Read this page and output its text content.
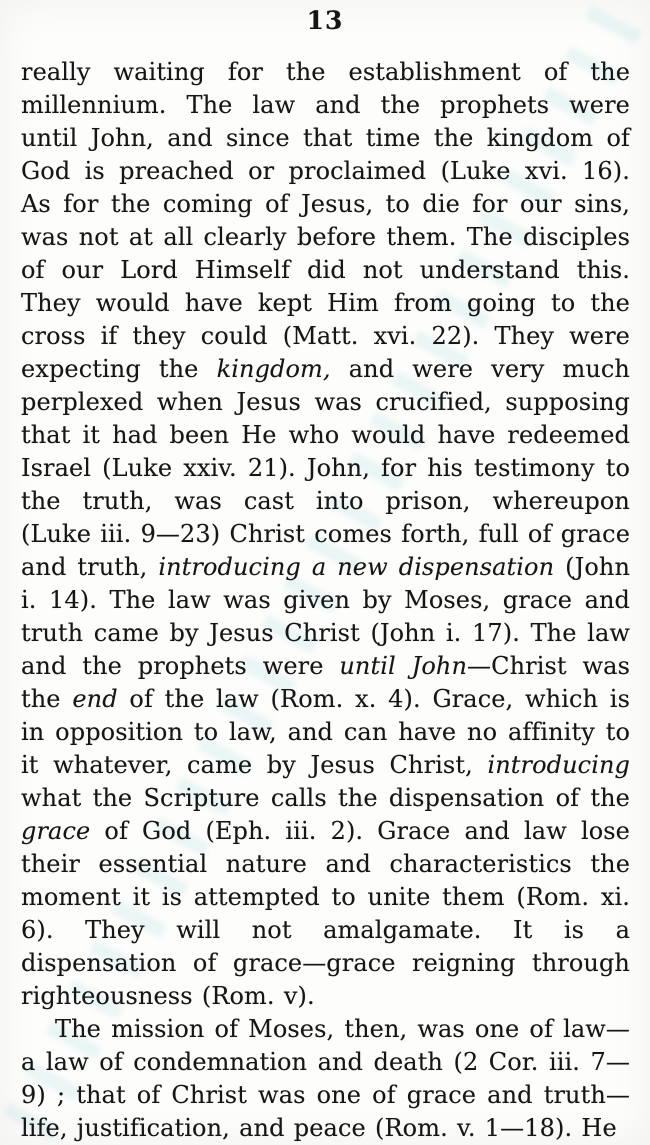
13

really waiting for the establishment of the millennium. The law and the prophets were until John, and since that time the kingdom of God is preached or proclaimed (Luke xvi. 16). As for the coming of Jesus, to die for our sins, was not at all clearly before them. The disciples of our Lord Himself did not understand this. They would have kept Him from going to the cross if they could (Matt. xvi. 22). They were expecting the kingdom, and were very much perplexed when Jesus was crucified, supposing that it had been He who would have redeemed Israel (Luke xxiv. 21). John, for his testimony to the truth, was cast into prison, whereupon (Luke iii. 9—23) Christ comes forth, full of grace and truth, introducing a new dispensation (John i. 14). The law was given by Moses, grace and truth came by Jesus Christ (John i. 17). The law and the prophets were until John—Christ was the end of the law (Rom. x. 4). Grace, which is in opposition to law, and can have no affinity to it whatever, came by Jesus Christ, introducing what the Scripture calls the dispensation of the grace of God (Eph. iii. 2). Grace and law lose their essential nature and characteristics the moment it is attempted to unite them (Rom. xi. 6). They will not amalgamate. It is a dispensation of grace—grace reigning through righteousness (Rom. v).

The mission of Moses, then, was one of law—a law of condemnation and death (2 Cor. iii. 7—9) ; that of Christ was one of grace and truth—life, justification, and peace (Rom. v. 1—18). He
